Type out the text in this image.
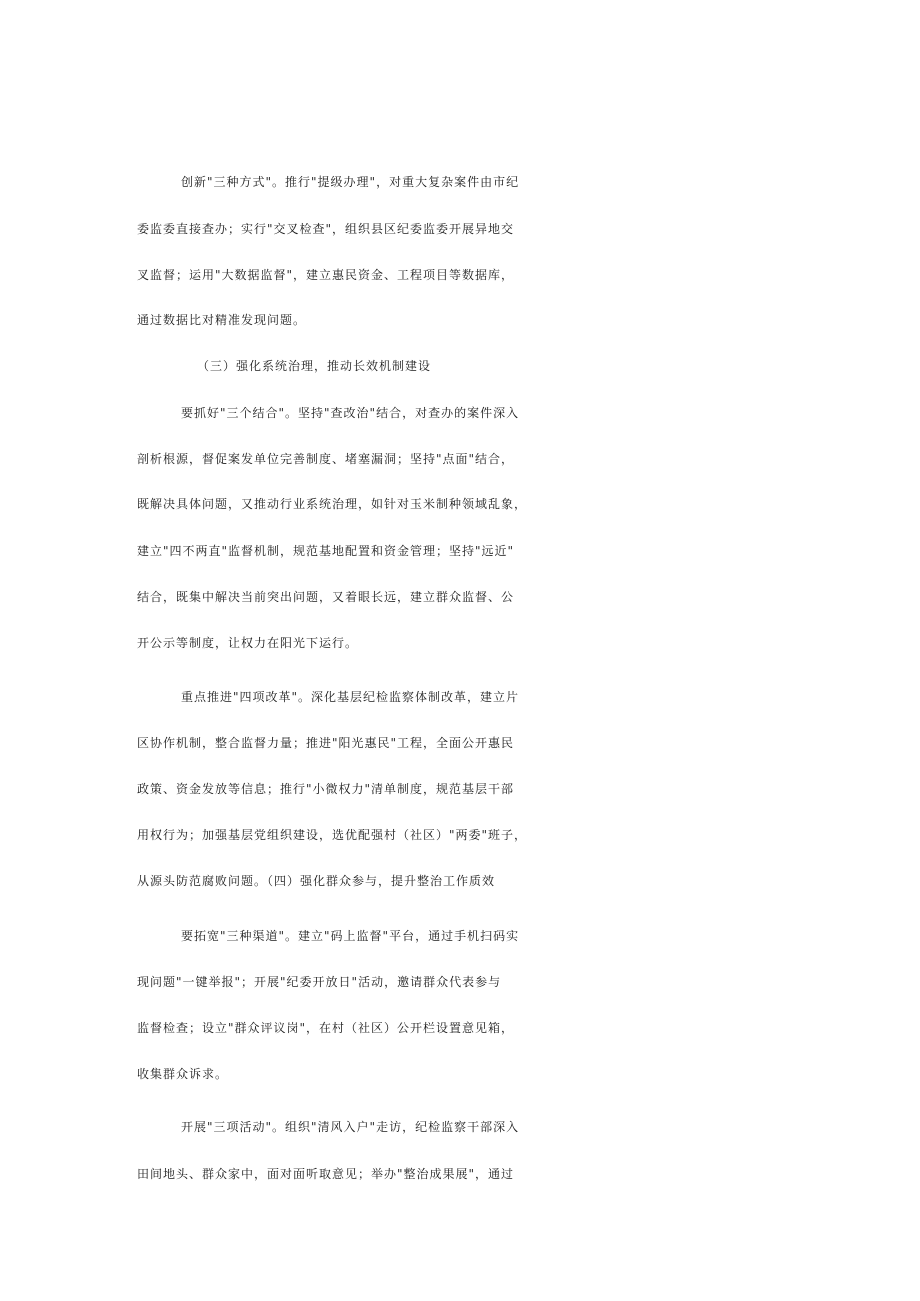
创新"三种方式"。推行"提级办理"，对重大复杂案件由市纪
委监委直接查办；实行"交叉检查"，组织县区纪委监委开展异地交
叉监督；运用"大数据监督"，建立惠民资金、工程项目等数据库，
通过数据比对精准发现问题。
（三）强化系统治理，推动长效机制建设
要抓好"三个结合"。坚持"查改治"结合，对查办的案件深入
剖析根源，督促案发单位完善制度、堵塞漏洞；坚持"点面"结合，
既解决具体问题，又推动行业系统治理，如针对玉米制种领域乱象，
建立"四不两直"监督机制，规范基地配置和资金管理；坚持"远近"
结合，既集中解决当前突出问题，又着眼长远，建立群众监督、公
开公示等制度，让权力在阳光下运行。
重点推进"四项改革"。深化基层纪检监察体制改革，建立片
区协作机制，整合监督力量；推进"阳光惠民"工程，全面公开惠民
政策、资金发放等信息；推行"小微权力"清单制度，规范基层干部
用权行为；加强基层党组织建设，选优配强村（社区）"两委"班子，
从源头防范腐败问题。（四）强化群众参与，提升整治工作质效
要拓宽"三种渠道"。建立"码上监督"平台，通过手机扫码实
现问题"一键举报"；开展"纪委开放日"活动，邀请群众代表参与
监督检查；设立"群众评议岗"，在村（社区）公开栏设置意见箱，
收集群众诉求。
开展"三项活动"。组织"清风入户"走访，纪检监察干部深入
田间地头、群众家中，面对面听取意见；举办"整治成果展"，通过
